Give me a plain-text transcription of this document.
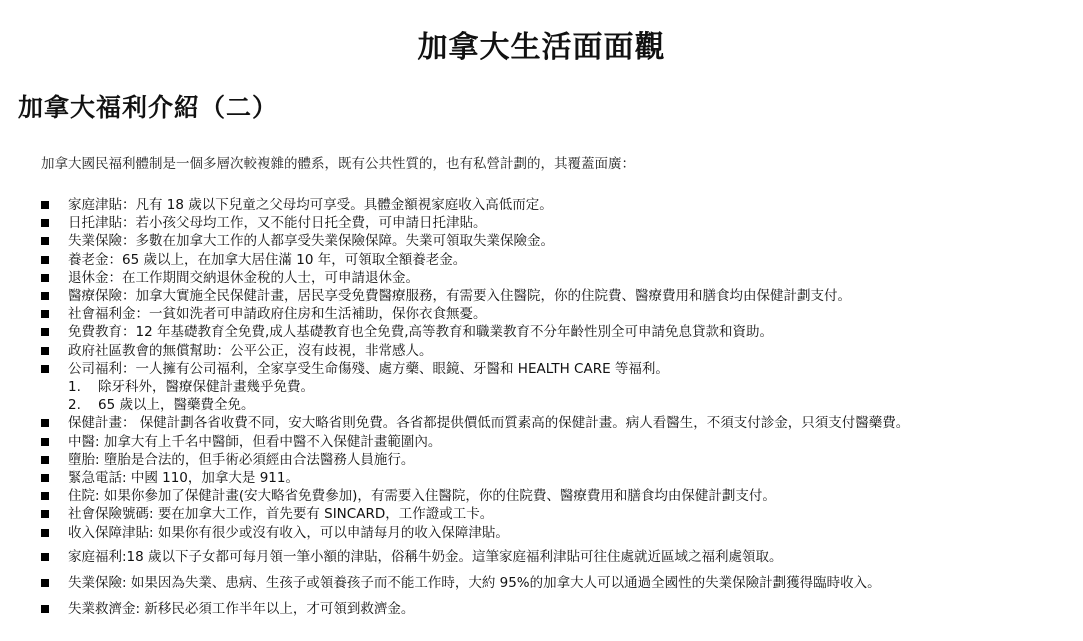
加拿大生活面面觀
加拿大福利介紹（二）

加拿大國民福利體制是一個多層次較複雜的體系，既有公共性質的，也有私營計劃的，其覆蓋面廣：

家庭津貼：凡有 18 歲以下兒童之父母均可享受。具體金額視家庭收入高低而定。
日托津貼：若小孩父母均工作，又不能付日托全費，可申請日托津貼。
失業保險：多數在加拿大工作的人都享受失業保險保障。失業可領取失業保險金。
養老金：65 歲以上，在加拿大居住滿 10 年，可領取全額養老金。
退休金：在工作期間交納退休金稅的人士，可申請退休金。
醫療保險：加拿大實施全民保健計畫，居民享受免費醫療服務，有需要入住醫院，你的住院費、醫療費用和膳食均由保健計劃支付。
社會福利金：一貧如洗者可申請政府住房和生活補助，保你衣食無憂。
免費教育：12 年基礎教育全免費,成人基礎教育也全免費,高等教育和職業教育不分年齡性別全可申請免息貸款和資助。
政府社區教會的無償幫助：公平公正，沒有歧視，非常感人。
公司福利：一人擁有公司福利，全家享受生命傷殘、處方藥、眼鏡、牙醫和 HEALTH CARE 等福利。
1. 除牙科外，醫療保健計畫幾乎免費。
2. 65 歲以上，醫藥費全免。
保健計畫： 保健計劃各省收費不同，安大略省則免費。各省都提供價低而質素高的保健計畫。病人看醫生，不須支付診金，只須支付醫藥費。
中醫: 加拿大有上千名中醫師，但看中醫不入保健計畫範圍內。
墮胎: 墮胎是合法的，但手術必須經由合法醫務人員施行。
緊急電話: 中國 110，加拿大是 911。
住院: 如果你參加了保健計畫(安大略省免費參加)，有需要入住醫院，你的住院費、醫療費用和膳食均由保健計劃支付。
社會保險號碼: 要在加拿大工作，首先要有 SINCARD，工作證或工卡。
收入保障津貼: 如果你有很少或沒有收入，可以申請每月的收入保障津貼。
家庭福利:18 歲以下子女都可每月領一筆小額的津貼，俗稱牛奶金。這筆家庭福利津貼可往住處就近區域之福利處領取。
失業保險: 如果因為失業、患病、生孩子或領養孩子而不能工作時，大約 95%的加拿大人可以通過全國性的失業保險計劃獲得臨時收入。
失業救濟金: 新移民必須工作半年以上，才可領到救濟金。
